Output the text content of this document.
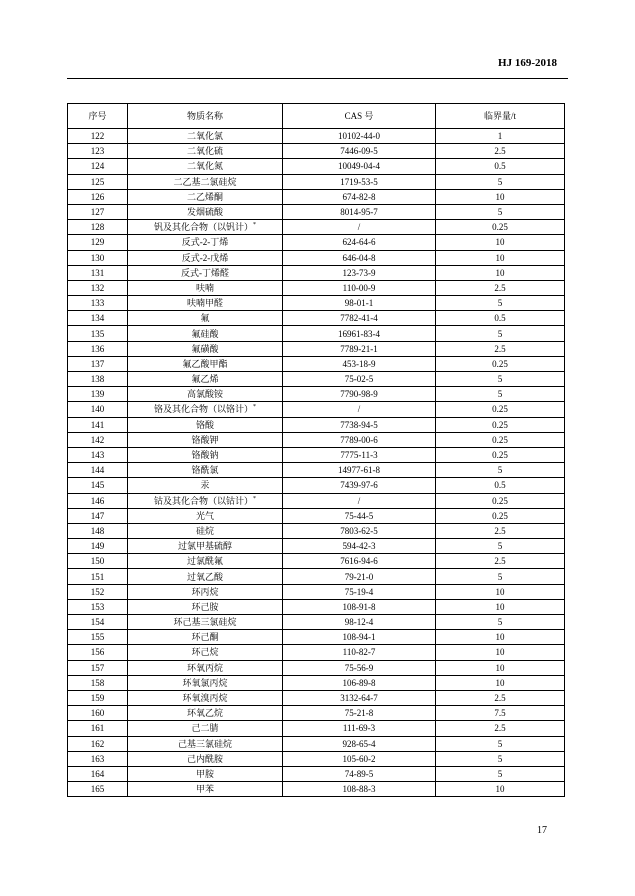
HJ 169-2018
序号	物质名称	CAS 号	临界量/t
122	二氧化氯	10102-44-0	1
123	二氧化硫	7446-09-5	2.5
124	二氧化氮	10049-04-4	0.5
125	二乙基二氯硅烷	1719-53-5	5
126	二乙烯酮	674-82-8	10
127	发烟硫酸	8014-95-7	5
128	钒及其化合物（以钒计）*	/	0.25
129	反式-2-丁烯	624-64-6	10
130	反式-2-戊烯	646-04-8	10
131	反式-丁烯醛	123-73-9	10
132	呋喃	110-00-9	2.5
133	呋喃甲醛	98-01-1	5
134	氟	7782-41-4	0.5
135	氟硅酸	16961-83-4	5
136	氟磺酸	7789-21-1	2.5
137	氟乙酸甲酯	453-18-9	0.25
138	氟乙烯	75-02-5	5
139	高氯酸铵	7790-98-9	5
140	铬及其化合物（以铬计）*	/	0.25
141	铬酸	7738-94-5	0.25
142	铬酸钾	7789-00-6	0.25
143	铬酸钠	7775-11-3	0.25
144	铬酰氯	14977-61-8	5
145	汞	7439-97-6	0.5
146	钴及其化合物（以钴计）*	/	0.25
147	光气	75-44-5	0.25
148	硅烷	7803-62-5	2.5
149	过氯甲基硫醇	594-42-3	5
150	过氯酰氟	7616-94-6	2.5
151	过氧乙酸	79-21-0	5
152	环丙烷	75-19-4	10
153	环己胺	108-91-8	10
154	环己基三氯硅烷	98-12-4	5
155	环己酮	108-94-1	10
156	环己烷	110-82-7	10
157	环氧丙烷	75-56-9	10
158	环氧氯丙烷	106-89-8	10
159	环氧溴丙烷	3132-64-7	2.5
160	环氧乙烷	75-21-8	7.5
161	己二腈	111-69-3	2.5
162	己基三氯硅烷	928-65-4	5
163	己内酰胺	105-60-2	5
164	甲胺	74-89-5	5
165	甲苯	108-88-3	10
17
